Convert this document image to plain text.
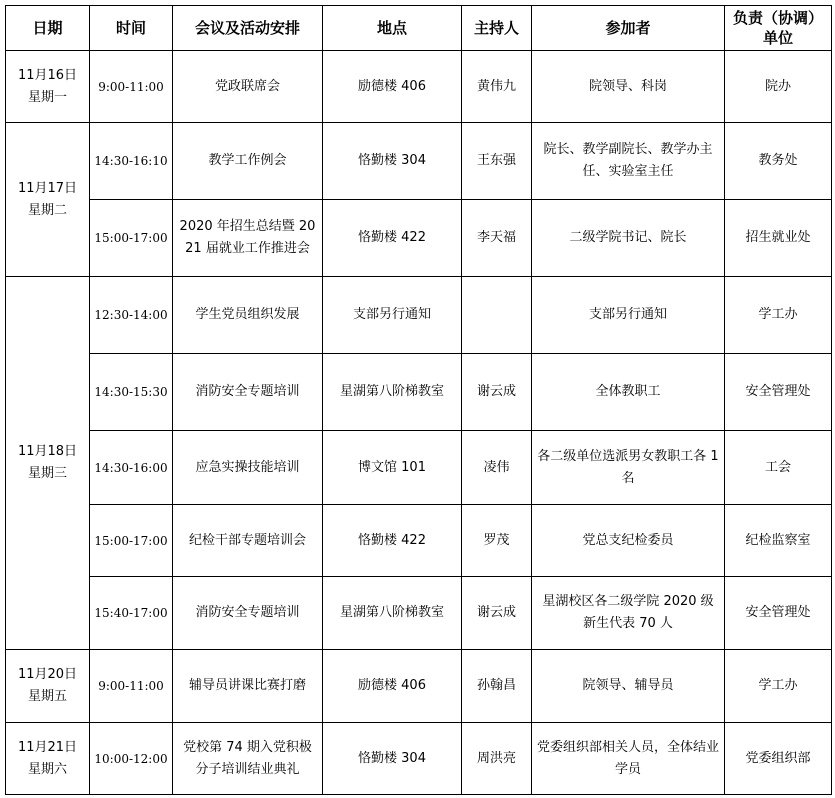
日期	时间	会议及活动安排	地点	主持人	参加者	负责（协调）
单位

11月16日
星期一	9:00-11:00	党政联席会	励德楼 406	黄伟九	院领导、科岗	院办

11月17日
星期二	14:30-16:10	教学工作例会	恪勤楼 304	王东强	院长、教学副院长、教学办主任、实验室主任	教务处
	15:00-17:00	2020 年招生总结暨 2021 届就业工作推进会	恪勤楼 422	李天福	二级学院书记、院长	招生就业处

11月18日
星期三	12:30-14:00	学生党员组织发展	支部另行通知		支部另行通知	学工办
	14:30-15:30	消防安全专题培训	星湖第八阶梯教室	谢云成	全体教职工	安全管理处
	14:30-16:00	应急实操技能培训	博文馆 101	凌伟	各二级单位选派男女教职工各 1 名	工会
	15:00-17:00	纪检干部专题培训会	恪勤楼 422	罗茂	党总支纪检委员	纪检监察室
	15:40-17:00	消防安全专题培训	星湖第八阶梯教室	谢云成	星湖校区各二级学院 2020 级新生代表 70 人	安全管理处

11月20日
星期五	9:00-11:00	辅导员讲课比赛打磨	励德楼 406	孙翰昌	院领导、辅导员	学工办

11月21日
星期六	10:00-12:00	党校第 74 期入党积极分子培训结业典礼	恪勤楼 304	周洪亮	党委组织部相关人员，全体结业学员	党委组织部
